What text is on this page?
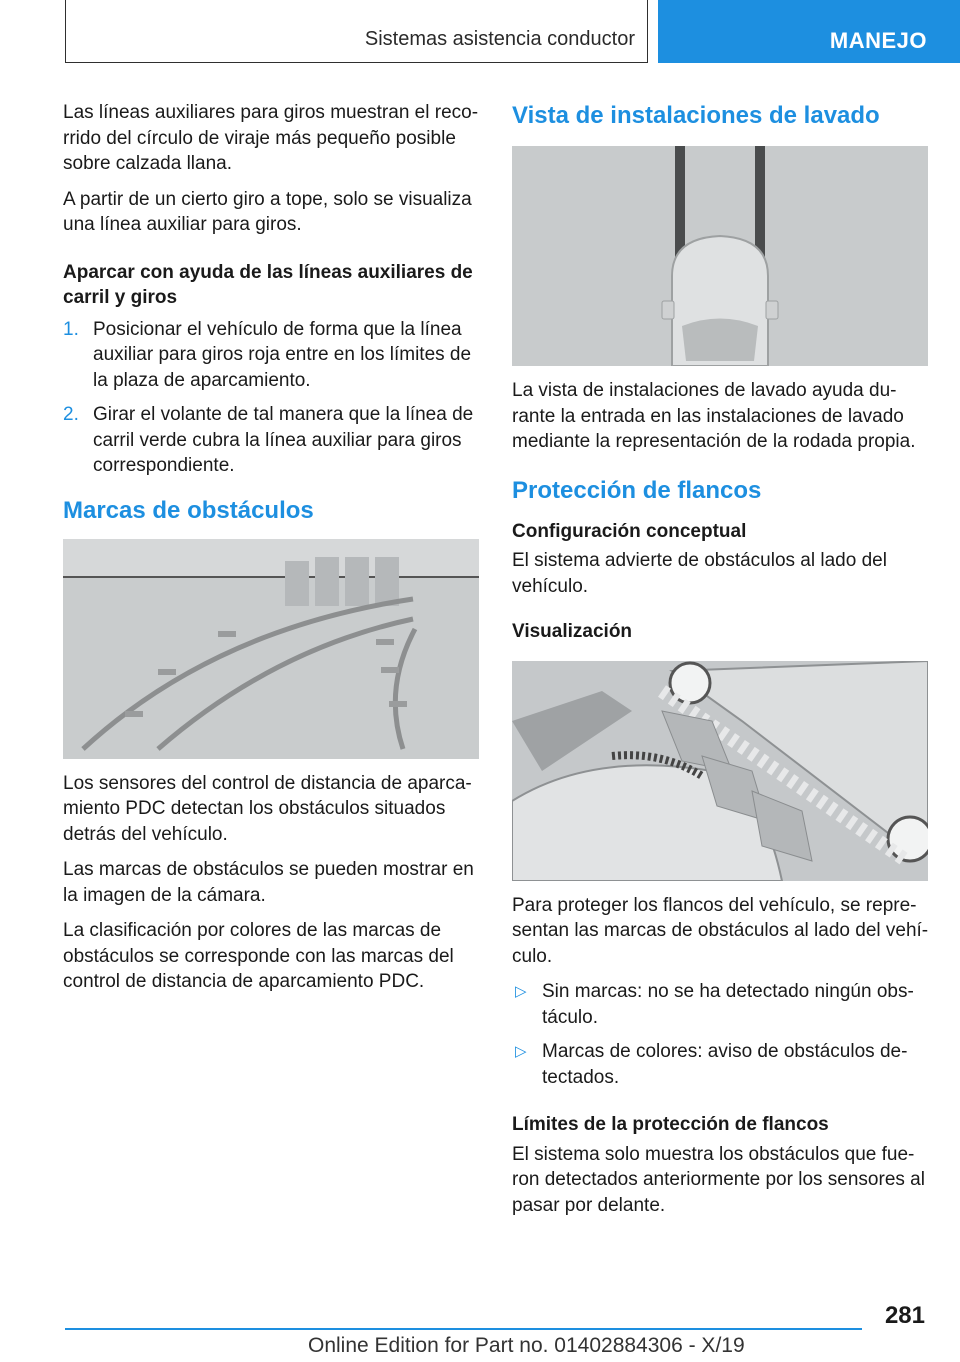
Sistemas asistencia conductor	MANEJO

Las líneas auxiliares para giros muestran el reco-rrido del círculo de viraje más pequeño posible sobre calzada llana.

A partir de un cierto giro a tope, solo se visualiza una línea auxiliar para giros.

Aparcar con ayuda de las líneas auxiliares de carril y giros
1. Posicionar el vehículo de forma que la línea auxiliar para giros roja entre en los límites de la plaza de aparcamiento.
2. Girar el volante de tal manera que la línea de carril verde cubra la línea auxiliar para giros correspondiente.
Marcas de obstáculos

Los sensores del control de distancia de aparca-miento PDC detectan los obstáculos situados detrás del vehículo.

Las marcas de obstáculos se pueden mostrar en la imagen de la cámara.

La clasificación por colores de las marcas de obstáculos se corresponde con las marcas del control de distancia de aparcamiento PDC.

Vista de instalaciones de lavado

La vista de instalaciones de lavado ayuda du-rante la entrada en las instalaciones de lavado mediante la representación de la rodada propia.

Protección de flancos
Configuración conceptual

El sistema advierte de obstáculos al lado del vehículo.

Visualización

Para proteger los flancos del vehículo, se repre-sentan las marcas de obstáculos al lado del vehí-culo.

▷ Sin marcas: no se ha detectado ningún obs-táculo.
▷ Marcas de colores: aviso de obstáculos de-tectados.
Límites de la protección de flancos

El sistema solo muestra los obstáculos que fue-ron detectados anteriormente por los sensores al pasar por delante.

281
Online Edition for Part no. 01402884306 - X/19
